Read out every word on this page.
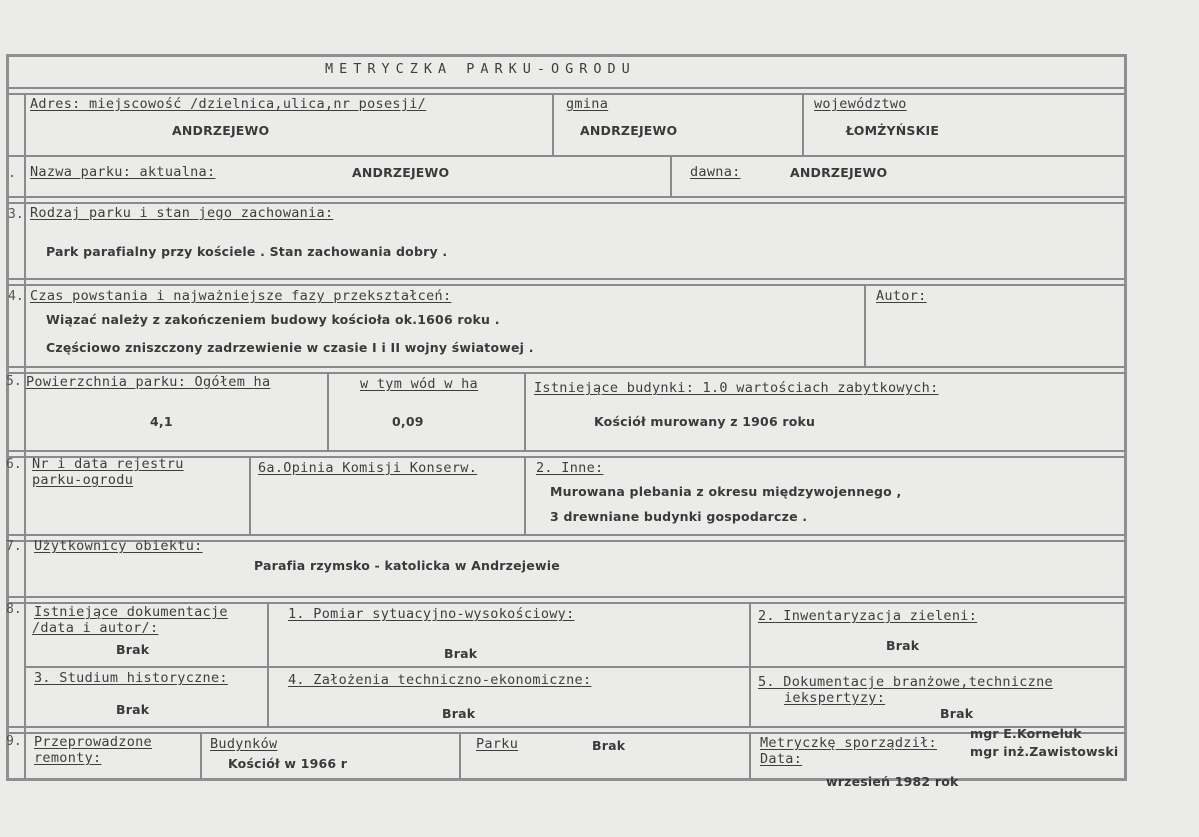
METRYCZKA PARKU-OGRODU
Adres: miejscowość /dzielnica,ulica,nr posesji/
ANDRZEJEWO
gmina
ANDRZEJEWO
województwo
ŁOMŻYŃSKIE
. Nazwa parku: aktualna:	ANDRZEJEWO	dawna:	ANDRZEJEWO
3. Rodzaj parku i stan jego zachowania:
Park parafialny przy kościele . Stan zachowania dobry .
4. Czas powstania i najważniejsze fazy przekształceń:
Wiązać należy z zakończeniem budowy kościoła ok.1606 roku .
Częściowo zniszczony zadrzewienie w czasie I i II wojny światowej .
Autor:
5. Powierzchnia parku: Ogółem ha
4,1
w tym wód w ha
0,09
Istniejące budynki: 1.0 wartościach zabytkowych:
Kościół murowany z 1906 roku
6. Nr i data rejestru
parku-ogrodu
6a.Opinia Komisji Konserw.	2. Inne:
Murowana plebania z okresu międzywojennego ,
3 drewniane budynki gospodarcze .
7. Użytkownicy obiektu:
Parafia rzymsko - katolicka w Andrzejewie
8. Istniejące dokumentacje
/data i autor/:
Brak
1. Pomiar sytuacyjno-wysokościowy:
Brak
2. Inwentaryzacja zieleni:
Brak
3. Studium historyczne:
Brak
4. Założenia techniczno-ekonomiczne:
Brak
5. Dokumentacje branżowe,techniczne
iekspertyzy:
Brak
9. Przeprowadzone
remonty:
Budynków
Kościół w 1966 r
Parku	Brak	Metryczkę sporządził:
mgr E.Korneluk
mgr inż.Zawistowski
Data:
wrzesień 1982 rok
